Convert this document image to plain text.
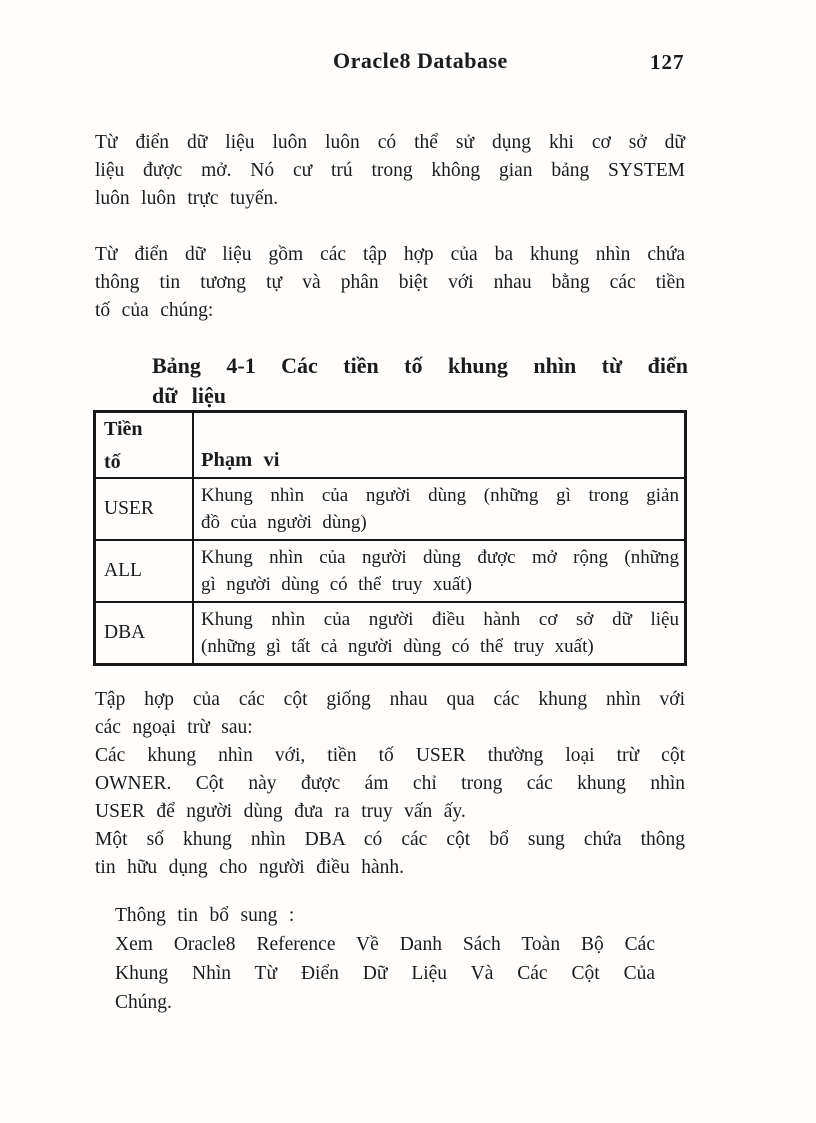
Oracle8 Database	127
Từ điển dữ liệu luôn luôn có thể sử dụng khi cơ sở dữ
liệu được mở. Nó cư trú trong không gian bảng SYSTEM
luôn luôn trực tuyến.
Từ điển dữ liệu gồm các tập hợp của ba khung nhìn chứa
thông tin tương tự và phân biệt với nhau bằng các tiền
tố của chúng:
Bảng 4-1 Các tiền tố khung nhìn từ điển
dữ liệu
Tiền
tố	Phạm vi
USER
Khung nhìn của người dùng (những gì trong giản
đồ của người dùng)
ALL
Khung nhìn của người dùng được mở rộng (những
gì người dùng có thể truy xuất)
DBA
Khung nhìn của người điều hành cơ sở dữ liệu
(những gì tất cả người dùng có thể truy xuất)
Tập hợp của các cột giống nhau qua các khung nhìn với
các ngoại trừ sau:
Các khung nhìn với, tiền tố USER thường loại trừ cột
OWNER. Cột này được ám chỉ trong các khung nhìn
USER để người dùng đưa ra truy vấn ấy.
Một số khung nhìn DBA có các cột bổ sung chứa thông
tin hữu dụng cho người điều hành.
Thông tin bổ sung :
Xem Oracle8 Reference Về Danh Sách Toàn Bộ Các
Khung Nhìn Từ Điển Dữ Liệu Và Các Cột Của
Chúng.
